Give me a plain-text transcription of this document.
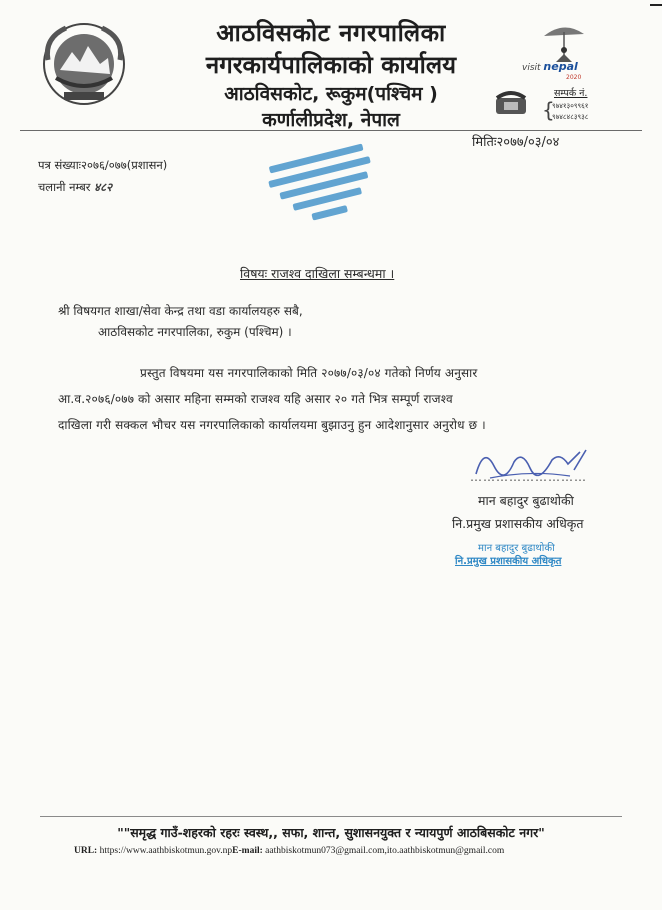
आठविसकोट नगरपालिका
नगरकार्यपालिकाको कार्यालय
आठविसकोट, रूकुम(पश्चिम )
कर्णालीप्रदेश, नेपाल
visit nepal
2020
सम्पर्क नं.
{
९७४१३०९९६१
९७४८४८३९३८
मितिः२०७७/०३/०४
पत्र संख्याः२०७६/०७७(प्रशासन)
चलानी नम्बर ४८२
विषयः राजश्व दाखिला सम्बन्धमा ।
श्री विषयगत शाखा/सेवा केन्द्र तथा वडा कार्यालयहरु सबै,
आठविसकोट नगरपालिका, रुकुम (पश्चिम) ।
प्रस्तुत विषयमा यस नगरपालिकाको मिति २०७७/०३/०४ गतेको निर्णय अनुसार
आ.व.२०७६/०७७ को असार महिना सम्मको राजश्व यहि असार २० गते भित्र सम्पूर्ण राजश्व
दाखिला गरी सक्कल भौचर यस नगरपालिकाको कार्यालयमा बुझाउनु हुन आदेशानुसार अनुरोध छ ।
………………………
मान बहादुर बुढाथोकी
नि.प्रमुख प्रशासकीय अधिकृत
मान बहादुर बुढाथोकी
नि.प्रमुख प्रशासकीय अधिकृत
""समृद्ध गाउँ-शहरको रहरः स्वस्थ,, सफा, शान्त, सुशासनयुक्त र न्यायपुर्ण आठबिसकोट नगर"
URL: https://www.aathbiskotmun.gov.npE-mail: aathbiskotmun073@gmail.com,ito.aathbiskotmun@gmail.com
